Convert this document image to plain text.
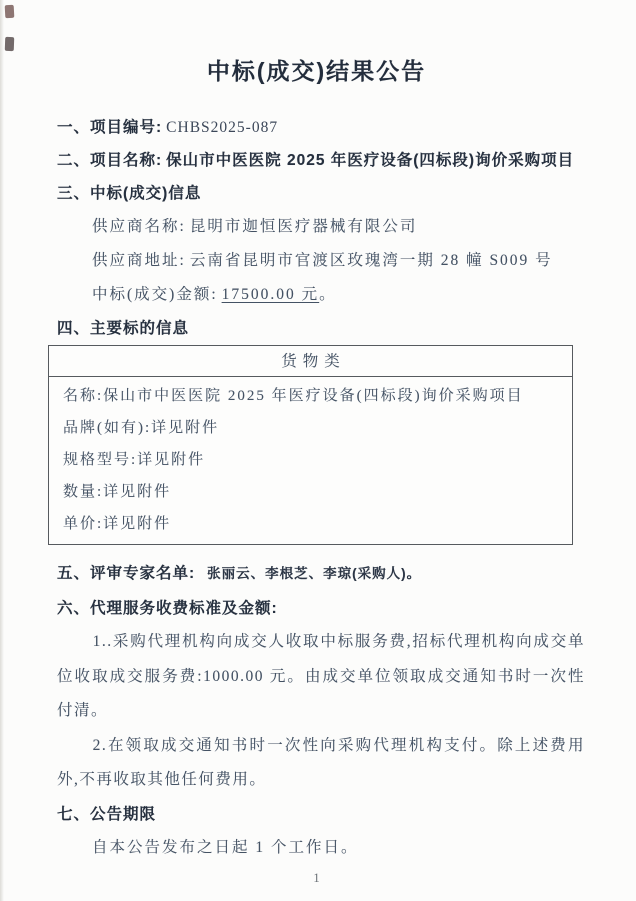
中标(成交)结果公告
一、项目编号: CHBS2025-087
二、项目名称: 保山市中医医院 2025 年医疗设备(四标段)询价采购项目
三、中标(成交)信息
供应商名称: 昆明市迦恒医疗器械有限公司
供应商地址: 云南省昆明市官渡区玫瑰湾一期 28 幢 S009 号
中标(成交)金额: 17500.00 元。
四、主要标的信息
货物类
名称:保山市中医医院 2025 年医疗设备(四标段)询价采购项目
品牌(如有):详见附件
规格型号:详见附件
数量:详见附件
单价:详见附件
五、评审专家名单: 张丽云、李根芝、李琼(采购人)。
六、代理服务收费标准及金额:

1..采购代理机构向成交人收取中标服务费,招标代理机构向成交单位收取成交服务费:1000.00 元。由成交单位领取成交通知书时一次性付清。

2.在领取成交通知书时一次性向采购代理机构支付。除上述费用外,不再收取其他任何费用。

七、公告期限
自本公告发布之日起 1 个工作日。
1
